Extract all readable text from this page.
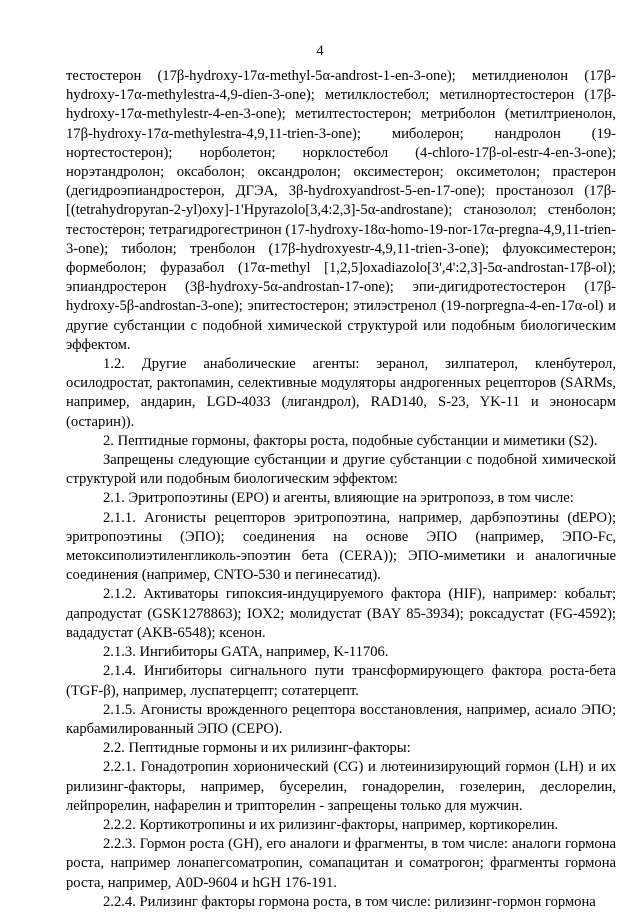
4

тестостерон (17β-hydroxy-17α-methyl-5α-androst-1-en-3-one); метилдиенолон (17β-hydroxy-17α-methylestra-4,9-dien-3-one); метилклостебол; метилнортестостерон (17β-hydroxy-17α-methylestr-4-en-3-one); метилтестостерон; метрибoлон (метилтриенолон, 17β-hydroxy-17α-methylestra-4,9,11-trien-3-one); миболерон; нандролон (19-нортестостерон); норболетон; норклостебол (4-chloro-17β-ol-estr-4-en-3-one); норэтандролон; оксаболон; оксандролон; оксиместерон; оксиметолон; прастерон (дегидроэпиандростерон, ДГЭА, 3β-hydroxyandrost-5-en-17-one); простанозол (17β-[(tetrahydropyran-2-yl)oxy]-1'Hpyrazolo[3,4:2,3]-5α-androstane); станозолол; стенболон; тестостерон; тетрагидрогестринон (17-hydroxy-18α-homo-19-nor-17α-pregna-4,9,11-trien-3-one); тиболон; тренболон (17β-hydroxyestr-4,9,11-trien-3-one); флуоксиместерон; формеболон; фуразабол (17α-methyl [1,2,5]oxadiazolo[3',4':2,3]-5α-androstan-17β-ol); эпиандростерон (3β-hydroxy-5α-androstan-17-one); эпи-дигидротестостерон (17β-hydroxy-5β-androstan-3-one); эпитестостерон; этилэстренол (19-norpregna-4-en-17α-ol) и другие субстанции с подобной химической структурой или подобным биологическим эффектом.

1.2. Другие анаболические агенты: зеранол, зилпатерол, кленбутерол, осилодростат, рактопамин, селективные модуляторы андрогенных рецепторов (SARMs, например, андарин, LGD-4033 (лигандрол), RAD140, S-23, YK-11 и эноносарм (остарин)).

2. Пептидные гормоны, факторы роста, подобные субстанции и миметики (S2).

Запрещены следующие субстанции и другие субстанции с подобной химической структурой или подобным биологическим эффектом:

2.1. Эритропоэтины (ЕРО) и агенты, влияющие на эритропоэз, в том числе:

2.1.1. Агонисты рецепторов эритропоэтина, например, дарбэпоэтины (dEPO); эритропоэтины (ЭПО); соединения на основе ЭПО (например, ЭПО-Fc, метоксиполиэтиленгликоль-эпоэтин бета (CERA)); ЭПО-миметики и аналогичные соединения (например, CNTO-530 и пегинесатид).

2.1.2. Активаторы гипоксия-индуцируемого фактора (HIF), например: кобальт; дапродустат (GSK1278863); IOX2; молидустат (BAY 85-3934); роксадустат (FG-4592); вададустат (AKB-6548); ксенон.

2.1.3. Ингибиторы GATA, например, K-11706.

2.1.4. Ингибиторы сигнального пути трансформирующего фактора роста-бета (TGF-β), например, луспатерцепт; сотатерцепт.

2.1.5. Агонисты врожденного рецептора восстановления, например, асиало ЭПО; карбамилированный ЭПО (CEPO).

2.2. Пептидные гормоны и их рилизинг-факторы:

2.2.1. Гонадотропин хорионический (CG) и лютеинизирующий гормон (LH) и их рилизинг-факторы, например, бусерелин, гонадорелин, гозелерин, деслорелин, лейпрорелин, нафарелин и трипторелин - запрещены только для мужчин.

2.2.2. Кортикотропины и их рилизинг-факторы, например, кортикорелин.

2.2.3. Гормон роста (GH), его аналоги и фрагменты, в том числе: аналоги гормона роста, например лонапегсоматропин, сомапацитан и соматрогон; фрагменты гормона роста, например, A0D-9604 и hGH 176-191.

2.2.4. Рилизинг факторы гормона роста, в том числе: рилизинг-гормон гормона
